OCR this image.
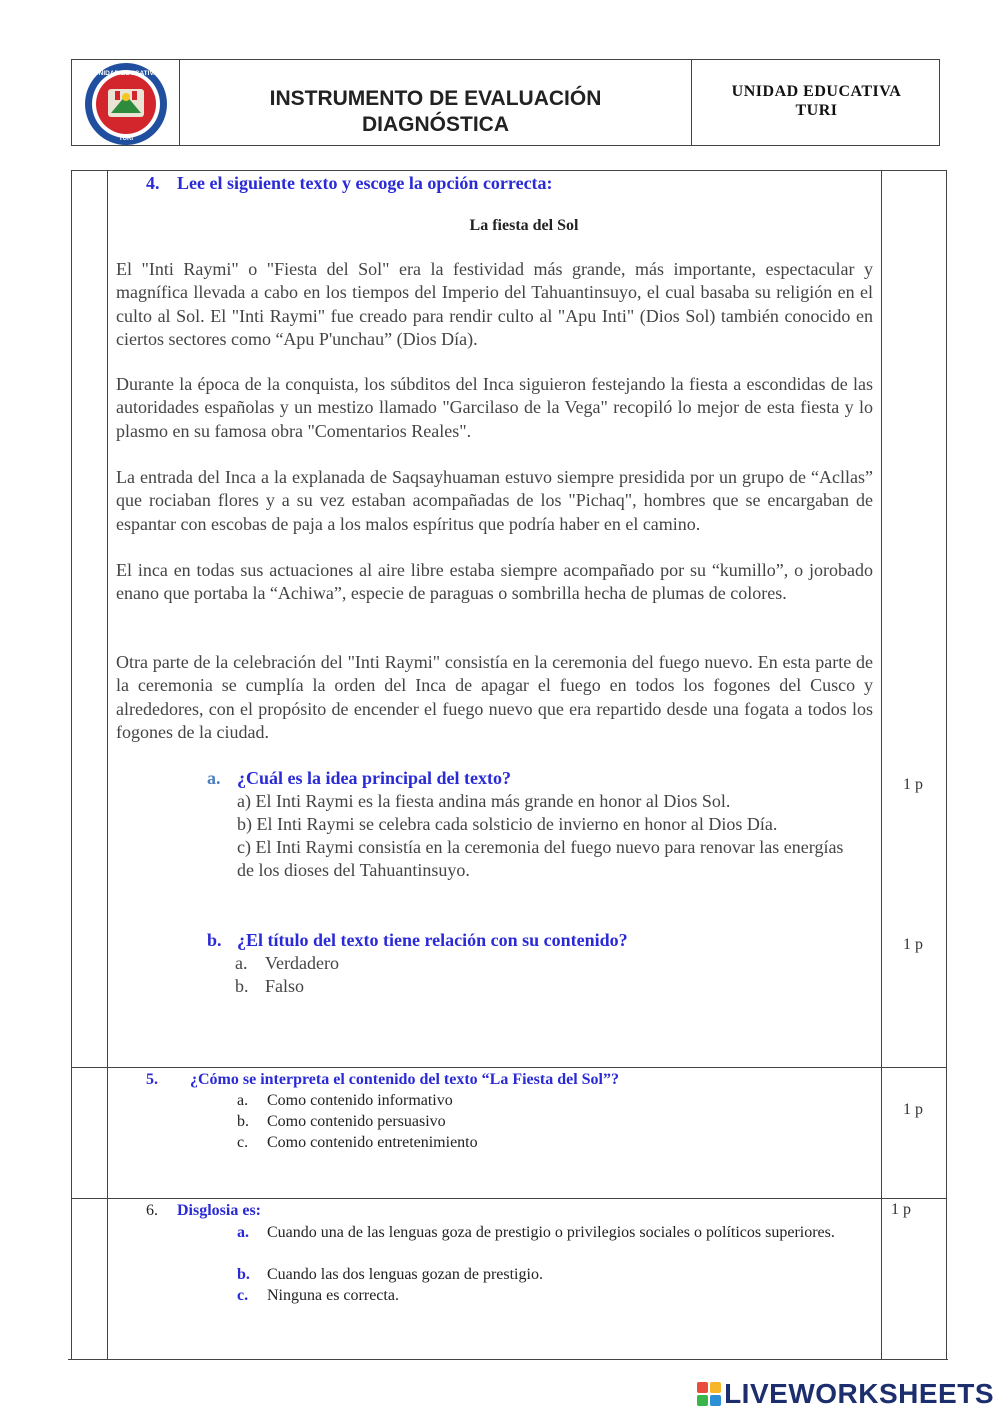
UNIDAD EDUCATIVA
TURI
INSTRUMENTO DE EVALUACIÓN
DIAGNÓSTICA
UNIDAD EDUCATIVA
TURI
4. Lee el siguiente texto y escoge la opción correcta:
La fiesta del Sol
El "Inti Raymi" o "Fiesta del Sol" era la festividad más grande, más importante, espectacular y magnífica llevada a cabo en los tiempos del Imperio del Tahuantinsuyo, el cual basaba su religión en el culto al Sol. El "Inti Raymi" fue creado para rendir culto al "Apu Inti" (Dios Sol) también conocido en ciertos sectores como “Apu P'unchau” (Dios Día).
Durante la época de la conquista, los súbditos del Inca siguieron festejando la fiesta a escondidas de las autoridades españolas y un mestizo llamado "Garcilaso de la Vega" recopiló lo mejor de esta fiesta y lo plasmo en su famosa obra "Comentarios Reales".
La entrada del Inca a la explanada de Saqsayhuaman estuvo siempre presidida por un grupo de “Acllas” que rociaban flores y a su vez estaban acompañadas de los "Pichaq", hombres que se encargaban de espantar con escobas de paja a los malos espíritus que podría haber en el camino.
El inca en todas sus actuaciones al aire libre estaba siempre acompañado por su “kumillo”, o jorobado enano que portaba la “Achiwa”, especie de paraguas o sombrilla hecha de plumas de colores.
Otra parte de la celebración del "Inti Raymi" consistía en la ceremonia del fuego nuevo. En esta parte de la ceremonia se cumplía la orden del Inca de apagar el fuego en todos los fogones del Cusco y alrededores, con el propósito de encender el fuego nuevo que era repartido desde una fogata a todos los fogones de la ciudad.
a. ¿Cuál es la idea principal del texto?
a) El Inti Raymi es la fiesta andina más grande en honor al Dios Sol.
b) El Inti Raymi se celebra cada solsticio de invierno en honor al Dios Día.
c) El Inti Raymi consistía en la ceremonia del fuego nuevo para renovar las energías de los dioses del Tahuantinsuyo.
1 p
b. ¿El título del texto tiene relación con su contenido?
a. Verdadero
b. Falso
1 p
5. ¿Cómo se interpreta el contenido del texto “La Fiesta del Sol”?
a. Como contenido informativo
b. Como contenido persuasivo
c. Como contenido entretenimiento
1 p
6. Disglosia es:
a. Cuando una de las lenguas goza de prestigio o privilegios sociales o políticos superiores.
b. Cuando las dos lenguas gozan de prestigio.
c. Ninguna es correcta.
1 p
LIVEWORKSHEETS
